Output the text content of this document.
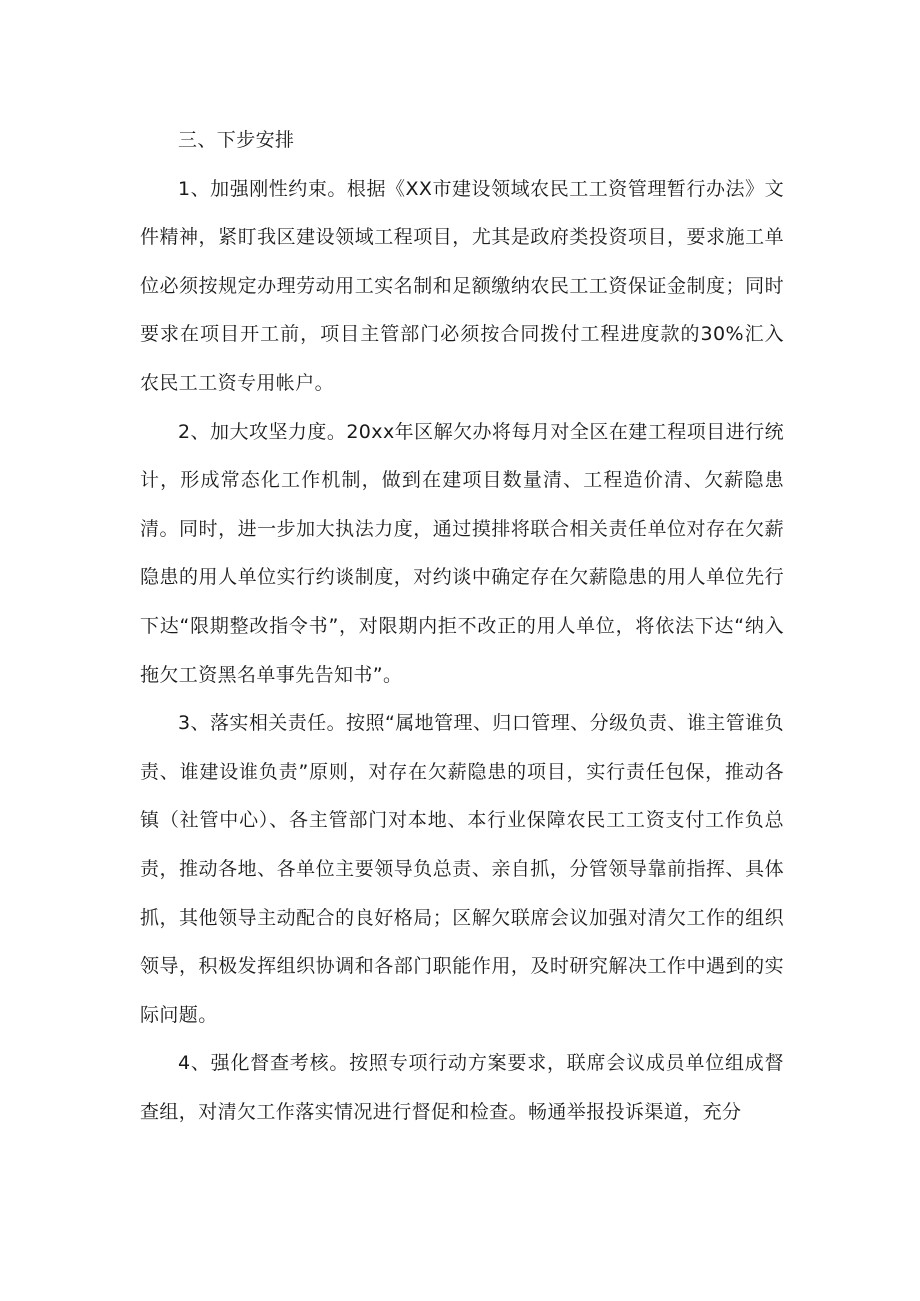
三、下步安排

1、加强刚性约束。根据《XX市建设领域农民工工资管理暂行办法》文件精神，紧盯我区建设领域工程项目，尤其是政府类投资项目，要求施工单位必须按规定办理劳动用工实名制和足额缴纳农民工工资保证金制度；同时要求在项目开工前，项目主管部门必须按合同拨付工程进度款的30%汇入农民工工资专用帐户。

2、加大攻坚力度。20xx年区解欠办将每月对全区在建工程项目进行统计，形成常态化工作机制，做到在建项目数量清、工程造价清、欠薪隐患清。同时，进一步加大执法力度，通过摸排将联合相关责任单位对存在欠薪隐患的用人单位实行约谈制度，对约谈中确定存在欠薪隐患的用人单位先行下达“限期整改指令书”，对限期内拒不改正的用人单位，将依法下达“纳入拖欠工资黑名单事先告知书”。

3、落实相关责任。按照“属地管理、归口管理、分级负责、谁主管谁负责、谁建设谁负责”原则，对存在欠薪隐患的项目，实行责任包保，推动各镇（社管中心）、各主管部门对本地、本行业保障农民工工资支付工作负总责，推动各地、各单位主要领导负总责、亲自抓，分管领导靠前指挥、具体抓，其他领导主动配合的良好格局；区解欠联席会议加强对清欠工作的组织领导，积极发挥组织协调和各部门职能作用，及时研究解决工作中遇到的实际问题。

4、强化督查考核。按照专项行动方案要求，联席会议成员单位组成督查组，对清欠工作落实情况进行督促和检查。畅通举报投诉渠道，充分
